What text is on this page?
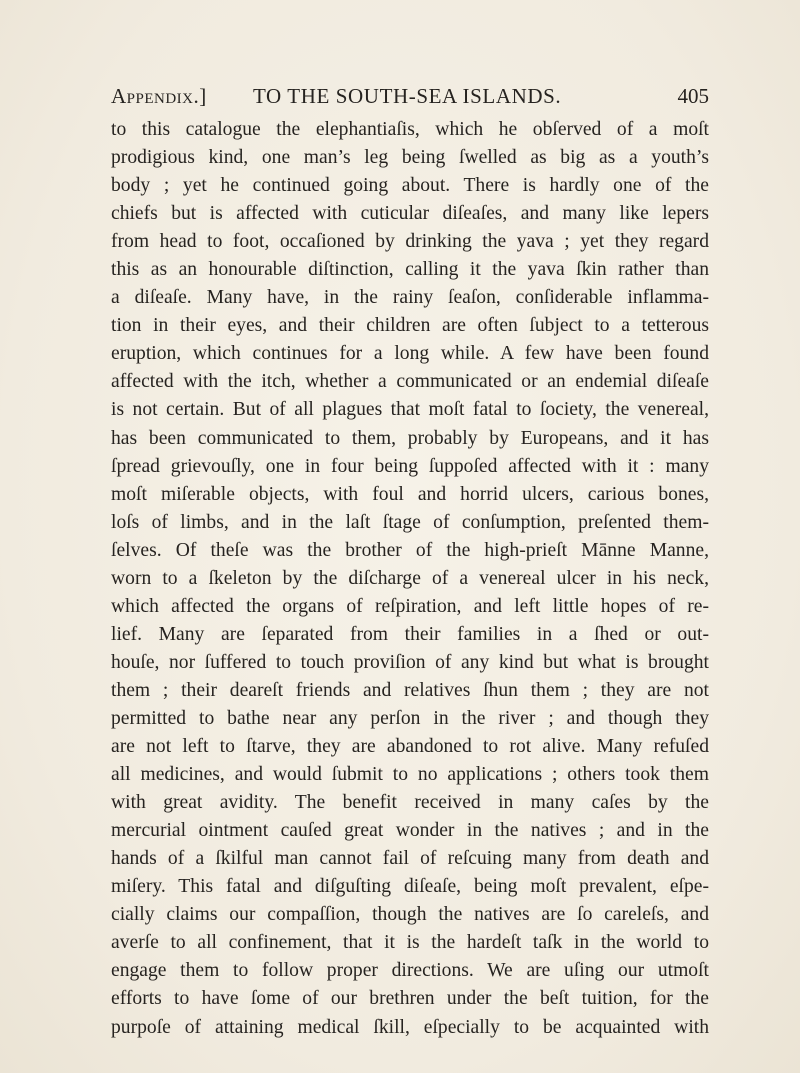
Appendix.] TO THE SOUTH-SEA ISLANDS.	405
to this catalogue the elephantiaſis, which he obſerved of a moſt
prodigious kind, one man’s leg being ſwelled as big as a youth’s
body ; yet he continued going about. There is hardly one of the
chiefs but is affected with cuticular diſeaſes, and many like lepers
from head to foot, occaſioned by drinking the yava ; yet they regard
this as an honourable diſtinction, calling it the yava ſkin rather than
a diſeaſe. Many have, in the rainy ſeaſon, conſiderable inflamma-
tion in their eyes, and their children are often ſubject to a tetterous
eruption, which continues for a long while. A few have been found
affected with the itch, whether a communicated or an endemial diſeaſe
is not certain. But of all plagues that moſt fatal to ſociety, the venereal,
has been communicated to them, probably by Europeans, and it has
ſpread grievouſly, one in four being ſuppoſed affected with it : many
moſt miſerable objects, with foul and horrid ulcers, carious bones,
loſs of limbs, and in the laſt ſtage of conſumption, preſented them-
ſelves. Of theſe was the brother of the high-prieſt Mānne Manne,
worn to a ſkeleton by the diſcharge of a venereal ulcer in his neck,
which affected the organs of reſpiration, and left little hopes of re-
lief. Many are ſeparated from their families in a ſhed or out-
houſe, nor ſuffered to touch proviſion of any kind but what is brought
them ; their deareſt friends and relatives ſhun them ; they are not
permitted to bathe near any perſon in the river ; and though they
are not left to ſtarve, they are abandoned to rot alive. Many refuſed
all medicines, and would ſubmit to no applications ; others took them
with great avidity. The benefit received in many caſes by the
mercurial ointment cauſed great wonder in the natives ; and in the
hands of a ſkilful man cannot fail of reſcuing many from death and
miſery. This fatal and diſguſting diſeaſe, being moſt prevalent, eſpe-
cially claims our compaſſion, though the natives are ſo careleſs, and
averſe to all confinement, that it is the hardeſt taſk in the world to
engage them to follow proper directions. We are uſing our utmoſt
efforts to have ſome of our brethren under the beſt tuition, for the
purpoſe of attaining medical ſkill, eſpecially to be acquainted with
